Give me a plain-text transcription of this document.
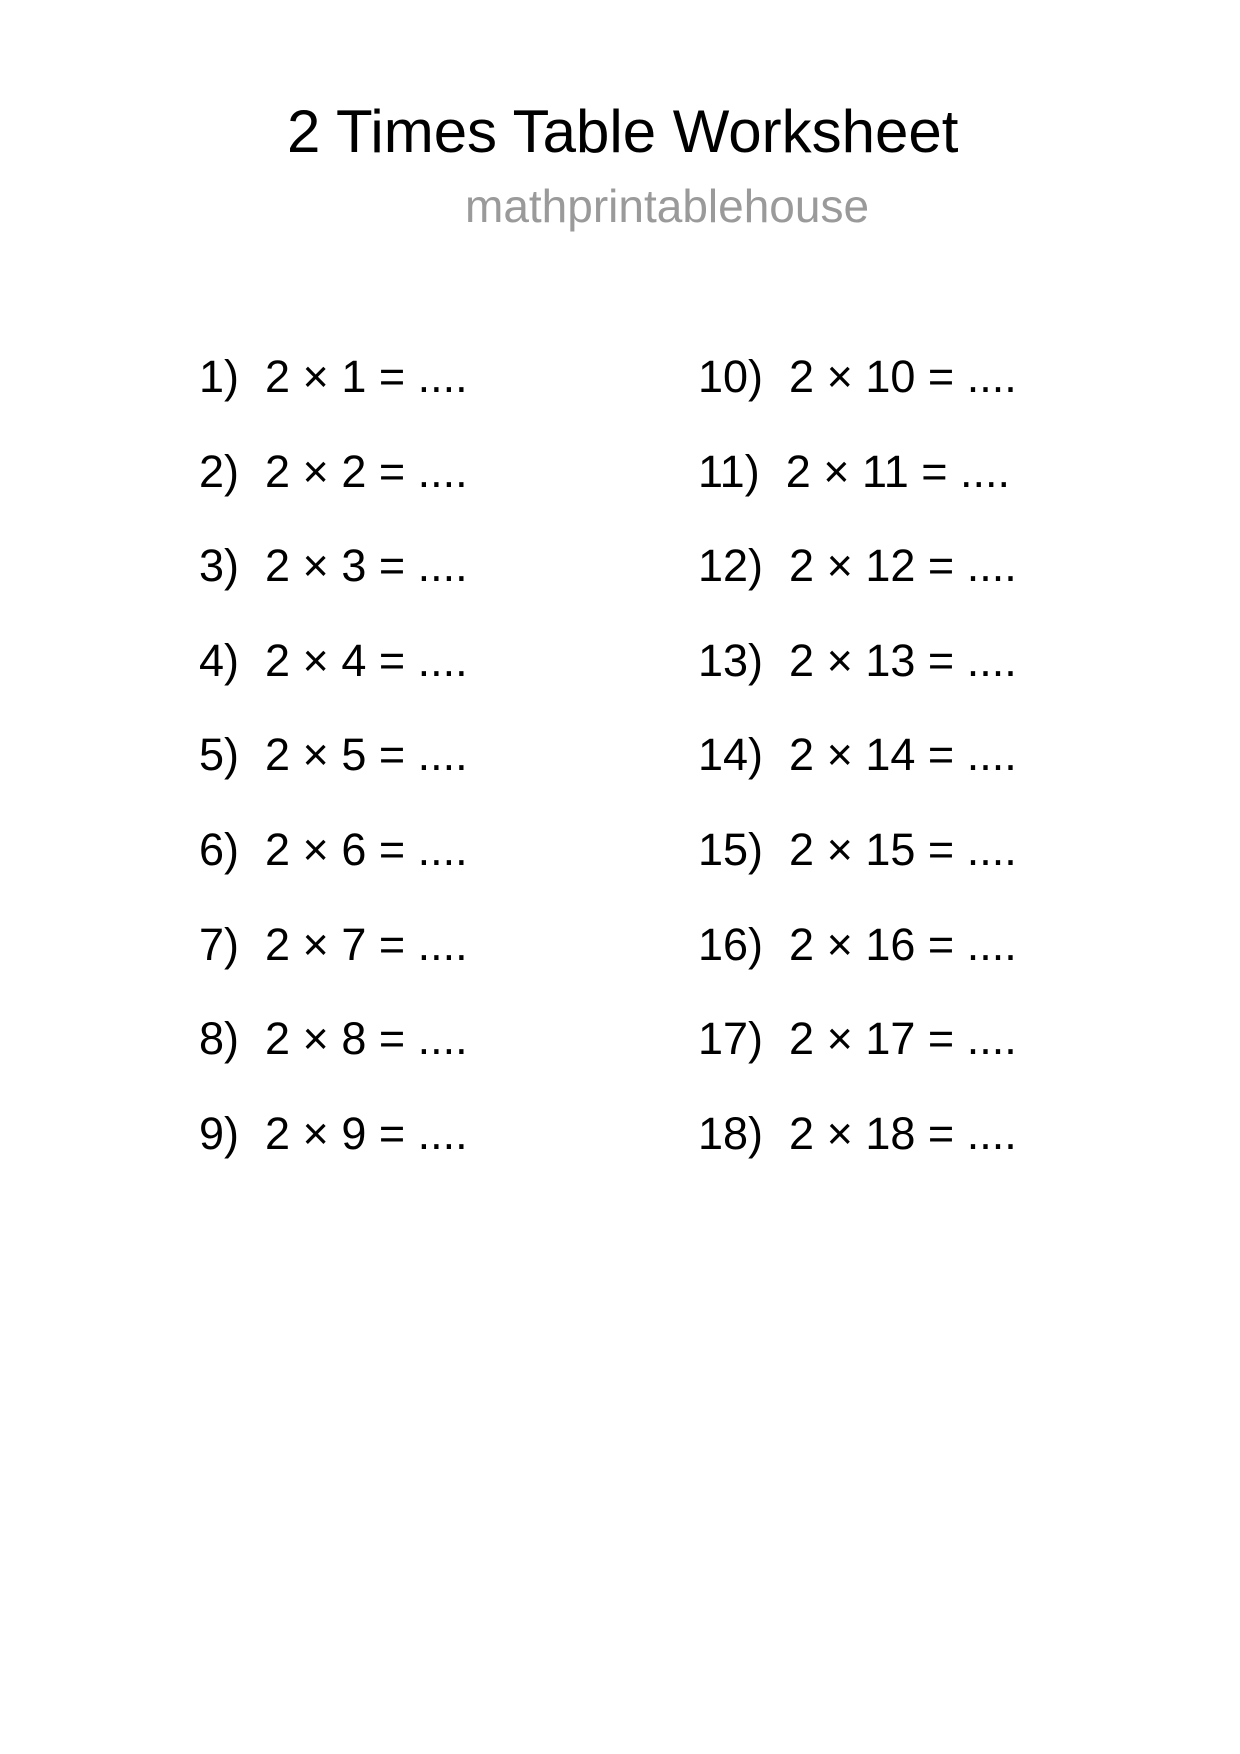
2 Times Table Worksheet
mathprintablehouse
1) 2 × 1 = ....
2) 2 × 2 = ....
3) 2 × 3 = ....
4) 2 × 4 = ....
5) 2 × 5 = ....
6) 2 × 6 = ....
7) 2 × 7 = ....
8) 2 × 8 = ....
9) 2 × 9 = ....
10) 2 × 10 = ....
11) 2 × 11 = ....
12) 2 × 12 = ....
13) 2 × 13 = ....
14) 2 × 14 = ....
15) 2 × 15 = ....
16) 2 × 16 = ....
17) 2 × 17 = ....
18) 2 × 18 = ....
